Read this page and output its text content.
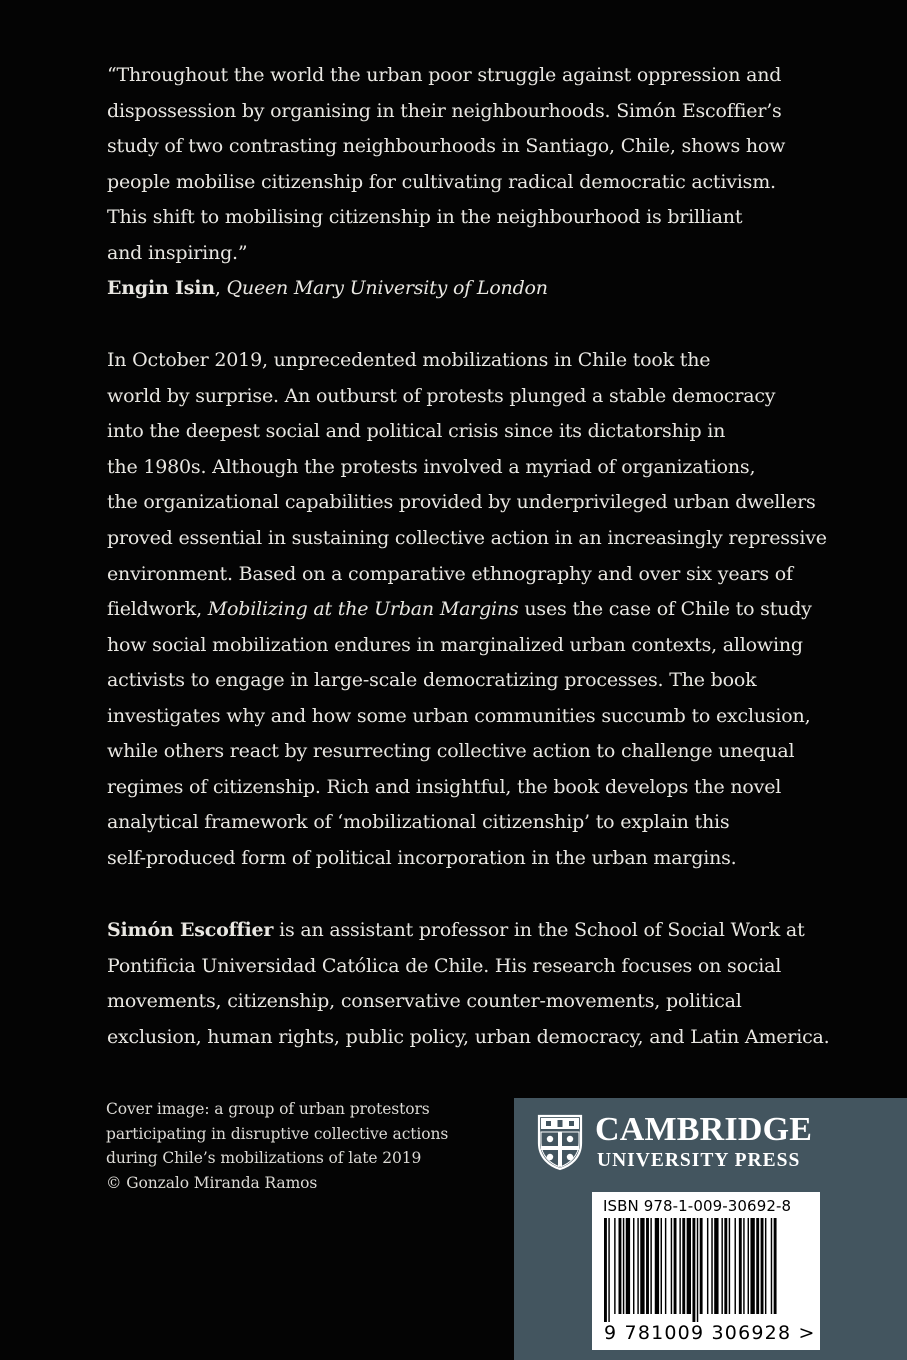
“Throughout the world the urban poor struggle against oppression and
dispossession by organising in their neighbourhoods. Simón Escoffier’s
study of two contrasting neighbourhoods in Santiago, Chile, shows how
people mobilise citizenship for cultivating radical democratic activism.
This shift to mobilising citizenship in the neighbourhood is brilliant
and inspiring.”
Engin Isin, Queen Mary University of London
In October 2019, unprecedented mobilizations in Chile took the
world by surprise. An outburst of protests plunged a stable democracy
into the deepest social and political crisis since its dictatorship in
the 1980s. Although the protests involved a myriad of organizations,
the organizational capabilities provided by underprivileged urban dwellers
proved essential in sustaining collective action in an increasingly repressive
environment. Based on a comparative ethnography and over six years of
fieldwork, Mobilizing at the Urban Margins uses the case of Chile to study
how social mobilization endures in marginalized urban contexts, allowing
activists to engage in large-scale democratizing processes. The book
investigates why and how some urban communities succumb to exclusion,
while others react by resurrecting collective action to challenge unequal
regimes of citizenship. Rich and insightful, the book develops the novel
analytical framework of ‘mobilizational citizenship’ to explain this
self-produced form of political incorporation in the urban margins.
Simón Escoffier is an assistant professor in the School of Social Work at
Pontificia Universidad Católica de Chile. His research focuses on social
movements, citizenship, conservative counter-movements, political
exclusion, human rights, public policy, urban democracy, and Latin America.
Cover image: a group of urban protestors
participating in disruptive collective actions
during Chile’s mobilizations of late 2019
© Gonzalo Miranda Ramos
CAMBRIDGE
UNIVERSITY PRESS
ISBN 978-1-009-30692-8
9 781009 306928 >
